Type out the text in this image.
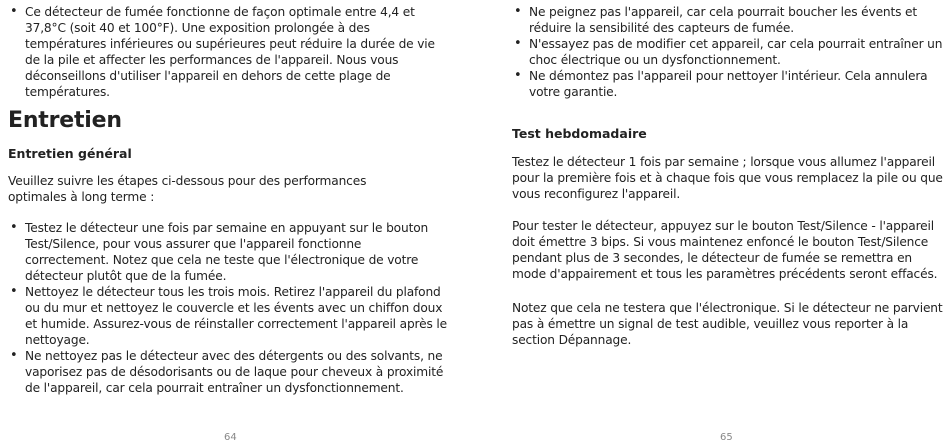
• Ce détecteur de fumée fonctionne de façon optimale entre 4,4 et 37,8°C (soit 40 et 100°F). Une exposition prolongée à des températures inférieures ou supérieures peut réduire la durée de vie de la pile et affecter les performances de l'appareil. Nous vous déconseillons d'utiliser l'appareil en dehors de cette plage de températures.
Entretien
Entretien général

Veuillez suivre les étapes ci-dessous pour des performances optimales à long terme :

• Testez le détecteur une fois par semaine en appuyant sur le bouton Test/Silence, pour vous assurer que l'appareil fonctionne correctement. Notez que cela ne teste que l'électronique de votre détecteur plutôt que de la fumée.
• Nettoyez le détecteur tous les trois mois. Retirez l'appareil du plafond ou du mur et nettoyez le couvercle et les évents avec un chiffon doux et humide. Assurez-vous de réinstaller correctement l'appareil après le nettoyage.
• Ne nettoyez pas le détecteur avec des détergents ou des solvants, ne vaporisez pas de désodorisants ou de laque pour cheveux à proximité de l'appareil, car cela pourrait entraîner un dysfonctionnement.
64
• Ne peignez pas l'appareil, car cela pourrait boucher les évents et réduire la sensibilité des capteurs de fumée.
• N'essayez pas de modifier cet appareil, car cela pourrait entraîner un choc électrique ou un dysfonctionnement.
• Ne démontez pas l'appareil pour nettoyer l'intérieur. Cela annulera votre garantie.
Test hebdomadaire

Testez le détecteur 1 fois par semaine ; lorsque vous allumez l'appareil pour la première fois et à chaque fois que vous remplacez la pile ou que vous reconfigurez l'appareil.

Pour tester le détecteur, appuyez sur le bouton Test/Silence - l'appareil doit émettre 3 bips. Si vous maintenez enfoncé le bouton Test/Silence pendant plus de 3 secondes, le détecteur de fumée se remettra en mode d'appairement et tous les paramètres précédents seront effacés.

Notez que cela ne testera que l'électronique. Si le détecteur ne parvient pas à émettre un signal de test audible, veuillez vous reporter à la section Dépannage.

65
